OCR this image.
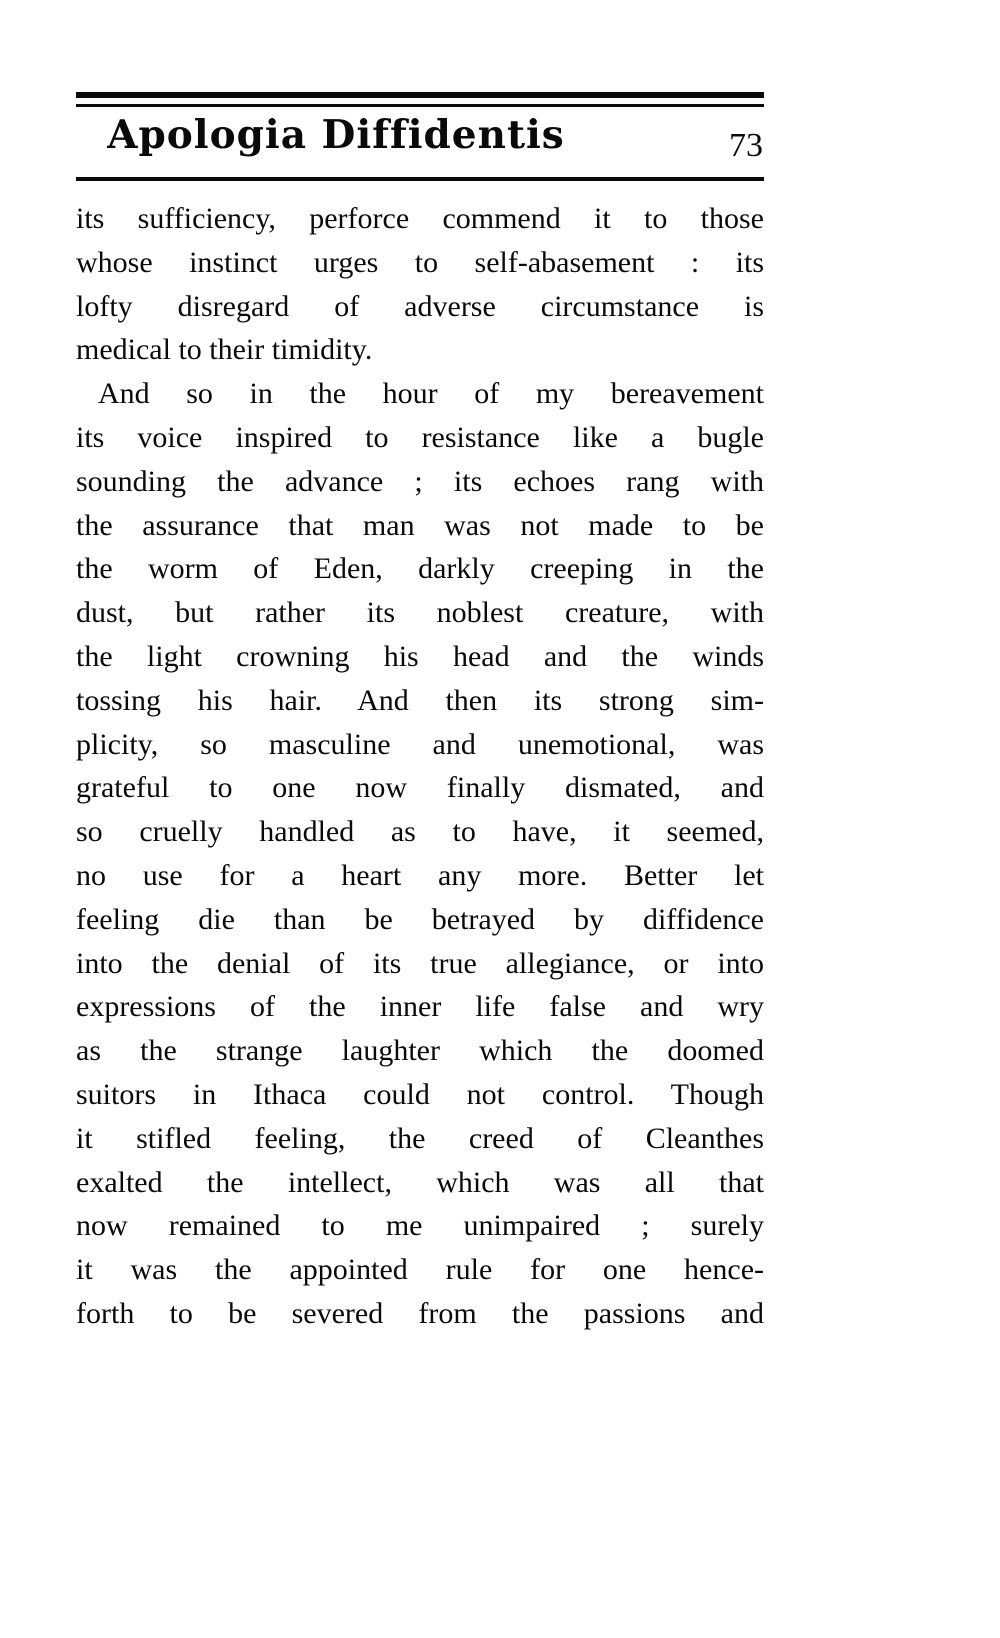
Apologia Diffidentis	73
its sufficiency, perforce commend it to those
whose instinct urges to self-abasement : its
lofty disregard of adverse circumstance is
medical to their timidity.
And so in the hour of my bereavement
its voice inspired to resistance like a bugle
sounding the advance ; its echoes rang with
the assurance that man was not made to be
the worm of Eden, darkly creeping in the
dust, but rather its noblest creature, with
the light crowning his head and the winds
tossing his hair. And then its strong sim-
plicity, so masculine and unemotional, was
grateful to one now finally dismated, and
so cruelly handled as to have, it seemed,
no use for a heart any more. Better let
feeling die than be betrayed by diffidence
into the denial of its true allegiance, or into
expressions of the inner life false and wry
as the strange laughter which the doomed
suitors in Ithaca could not control. Though
it stifled feeling, the creed of Cleanthes
exalted the intellect, which was all that
now remained to me unimpaired ; surely
it was the appointed rule for one hence-
forth to be severed from the passions and
